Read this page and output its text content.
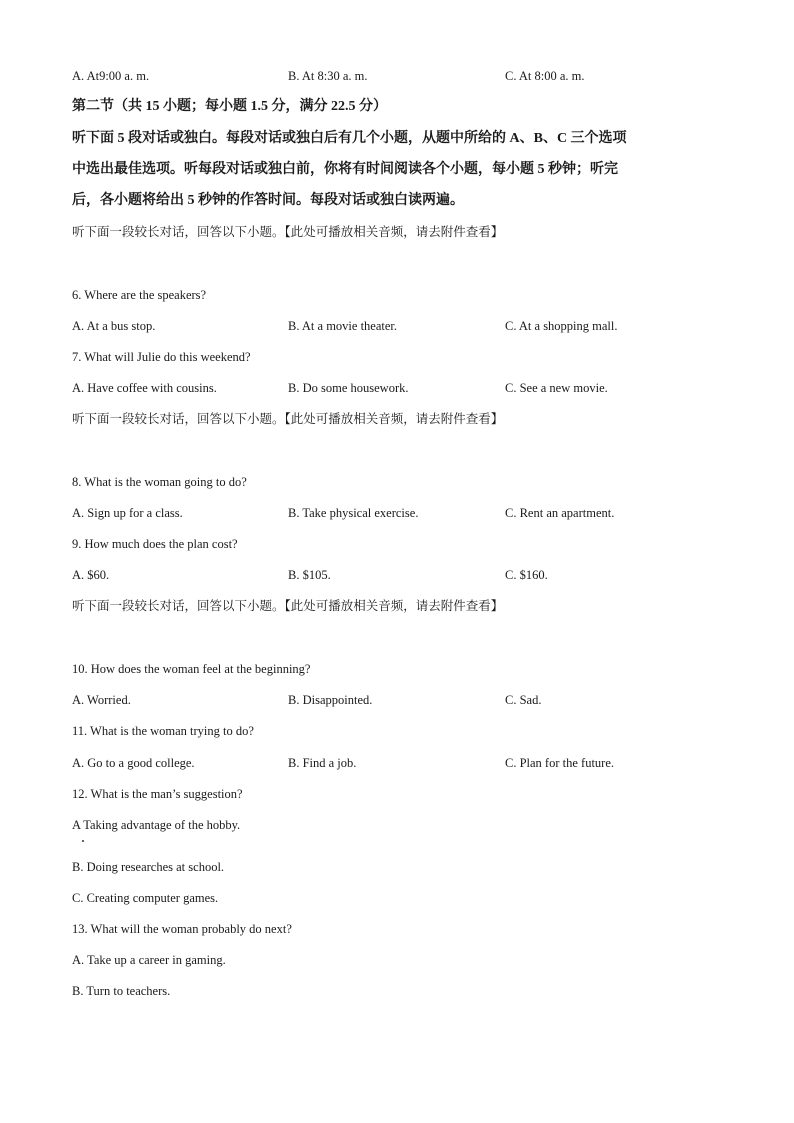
A. At9:00 a. m.	B. At 8:30 a. m.	C. At 8:00 a. m.
第二节（共 15 小题；每小题 1.5 分，满分 22.5 分）
听下面 5 段对话或独白。每段对话或独白后有几个小题，从题中所给的 A、B、C 三个选项
中选出最佳选项。听每段对话或独白前，你将有时间阅读各个小题，每小题 5 秒钟；听完
后，各小题将给出 5 秒钟的作答时间。每段对话或独白读两遍。
听下面一段较长对话，回答以下小题。【此处可播放相关音频，请去附件查看】
6. Where are the speakers?
A. At a bus stop.	B. At a movie theater.	C. At a shopping mall.
7. What will Julie do this weekend?
A. Have coffee with cousins.	B. Do some housework.	C. See a new movie.
听下面一段较长对话，回答以下小题。【此处可播放相关音频，请去附件查看】
8. What is the woman going to do?
A. Sign up for a class.	B. Take physical exercise.	C. Rent an apartment.
9. How much does the plan cost?
A. $60.	B. $105.	C. $160.
听下面一段较长对话，回答以下小题。【此处可播放相关音频，请去附件查看】
10. How does the woman feel at the beginning?
A. Worried.	B. Disappointed.	C. Sad.
11. What is the woman trying to do?
A. Go to a good college.	B. Find a job.	C. Plan for the future.
12. What is the man’s suggestion?
A Taking advantage of the hobby.
B. Doing researches at school.
C. Creating computer games.
13. What will the woman probably do next?
A. Take up a career in gaming.
B. Turn to teachers.
